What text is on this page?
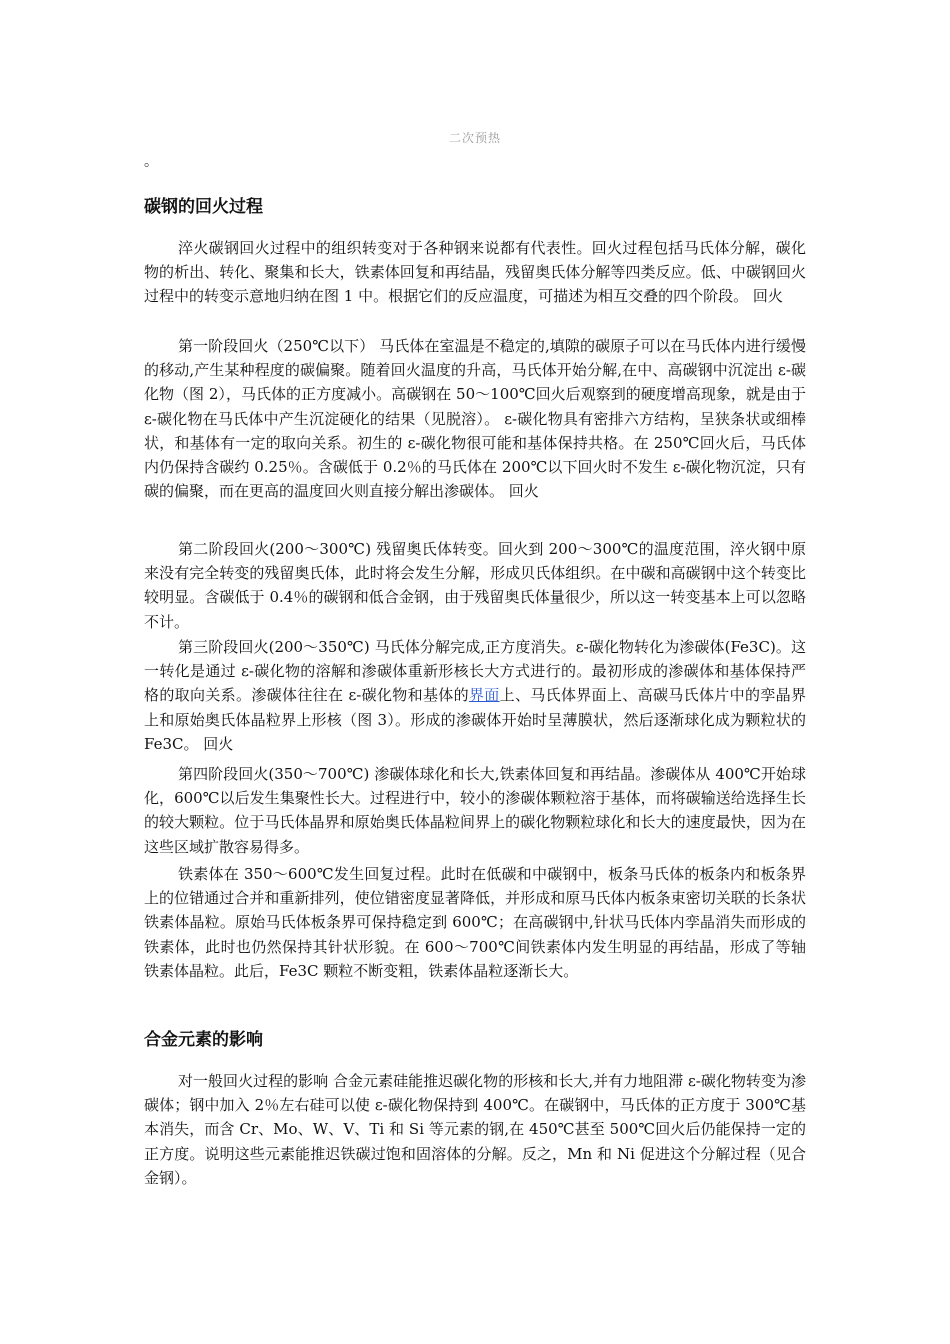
二次预热
。
碳钢的回火过程

淬火碳钢回火过程中的组织转变对于各种钢来说都有代表性。回火过程包括马氏体分解，碳化物的析出、转化、聚集和长大，铁素体回复和再结晶，残留奥氏体分解等四类反应。低、中碳钢回火过程中的转变示意地归纳在图 1 中。根据它们的反应温度，可描述为相互交叠的四个阶段。 回火

第一阶段回火（250℃以下） 马氏体在室温是不稳定的,填隙的碳原子可以在马氏体内进行缓慢的移动,产生某种程度的碳偏聚。随着回火温度的升高，马氏体开始分解,在中、高碳钢中沉淀出 ε-碳化物（图 2），马氏体的正方度减小。高碳钢在 50～100℃回火后观察到的硬度增高现象，就是由于 ε-碳化物在马氏体中产生沉淀硬化的结果（见脱溶）。 ε-碳化物具有密排六方结构，呈狭条状或细棒状，和基体有一定的取向关系。初生的 ε-碳化物很可能和基体保持共格。在 250℃回火后，马氏体内仍保持含碳约 0.25％。含碳低于 0.2％的马氏体在 200℃以下回火时不发生 ε-碳化物沉淀，只有碳的偏聚，而在更高的温度回火则直接分解出渗碳体。 回火

第二阶段回火(200～300℃) 残留奥氏体转变。回火到 200～300℃的温度范围，淬火钢中原来没有完全转变的残留奥氏体，此时将会发生分解，形成贝氏体组织。在中碳和高碳钢中这个转变比较明显。含碳低于 0.4％的碳钢和低合金钢，由于残留奥氏体量很少，所以这一转变基本上可以忽略不计。

第三阶段回火(200～350℃) 马氏体分解完成,正方度消失。ε-碳化物转化为渗碳体(Fe3C)。这一转化是通过 ε-碳化物的溶解和渗碳体重新形核长大方式进行的。最初形成的渗碳体和基体保持严格的取向关系。渗碳体往往在 ε-碳化物和基体的界面上、马氏体界面上、高碳马氏体片中的孪晶界上和原始奥氏体晶粒界上形核（图 3）。形成的渗碳体开始时呈薄膜状，然后逐渐球化成为颗粒状的 Fe3C。 回火

第四阶段回火(350～700℃) 渗碳体球化和长大,铁素体回复和再结晶。渗碳体从 400℃开始球化，600℃以后发生集聚性长大。过程进行中，较小的渗碳体颗粒溶于基体，而将碳输送给选择生长的较大颗粒。位于马氏体晶界和原始奥氏体晶粒间界上的碳化物颗粒球化和长大的速度最快，因为在这些区域扩散容易得多。

铁素体在 350～600℃发生回复过程。此时在低碳和中碳钢中，板条马氏体的板条内和板条界上的位错通过合并和重新排列，使位错密度显著降低，并形成和原马氏体内板条束密切关联的长条状铁素体晶粒。原始马氏体板条界可保持稳定到 600℃；在高碳钢中,针状马氏体内孪晶消失而形成的铁素体，此时也仍然保持其针状形貌。在 600～700℃间铁素体内发生明显的再结晶，形成了等轴铁素体晶粒。此后，Fe3C 颗粒不断变粗，铁素体晶粒逐渐长大。

合金元素的影响

对一般回火过程的影响 合金元素硅能推迟碳化物的形核和长大,并有力地阻滞 ε-碳化物转变为渗碳体；钢中加入 2％左右硅可以使 ε-碳化物保持到 400℃。在碳钢中，马氏体的正方度于 300℃基本消失，而含 Cr、Mo、W、V、Ti 和 Si 等元素的钢,在 450℃甚至 500℃回火后仍能保持一定的正方度。说明这些元素能推迟铁碳过饱和固溶体的分解。反之，Mn 和 Ni 促进这个分解过程（见合金钢）。
